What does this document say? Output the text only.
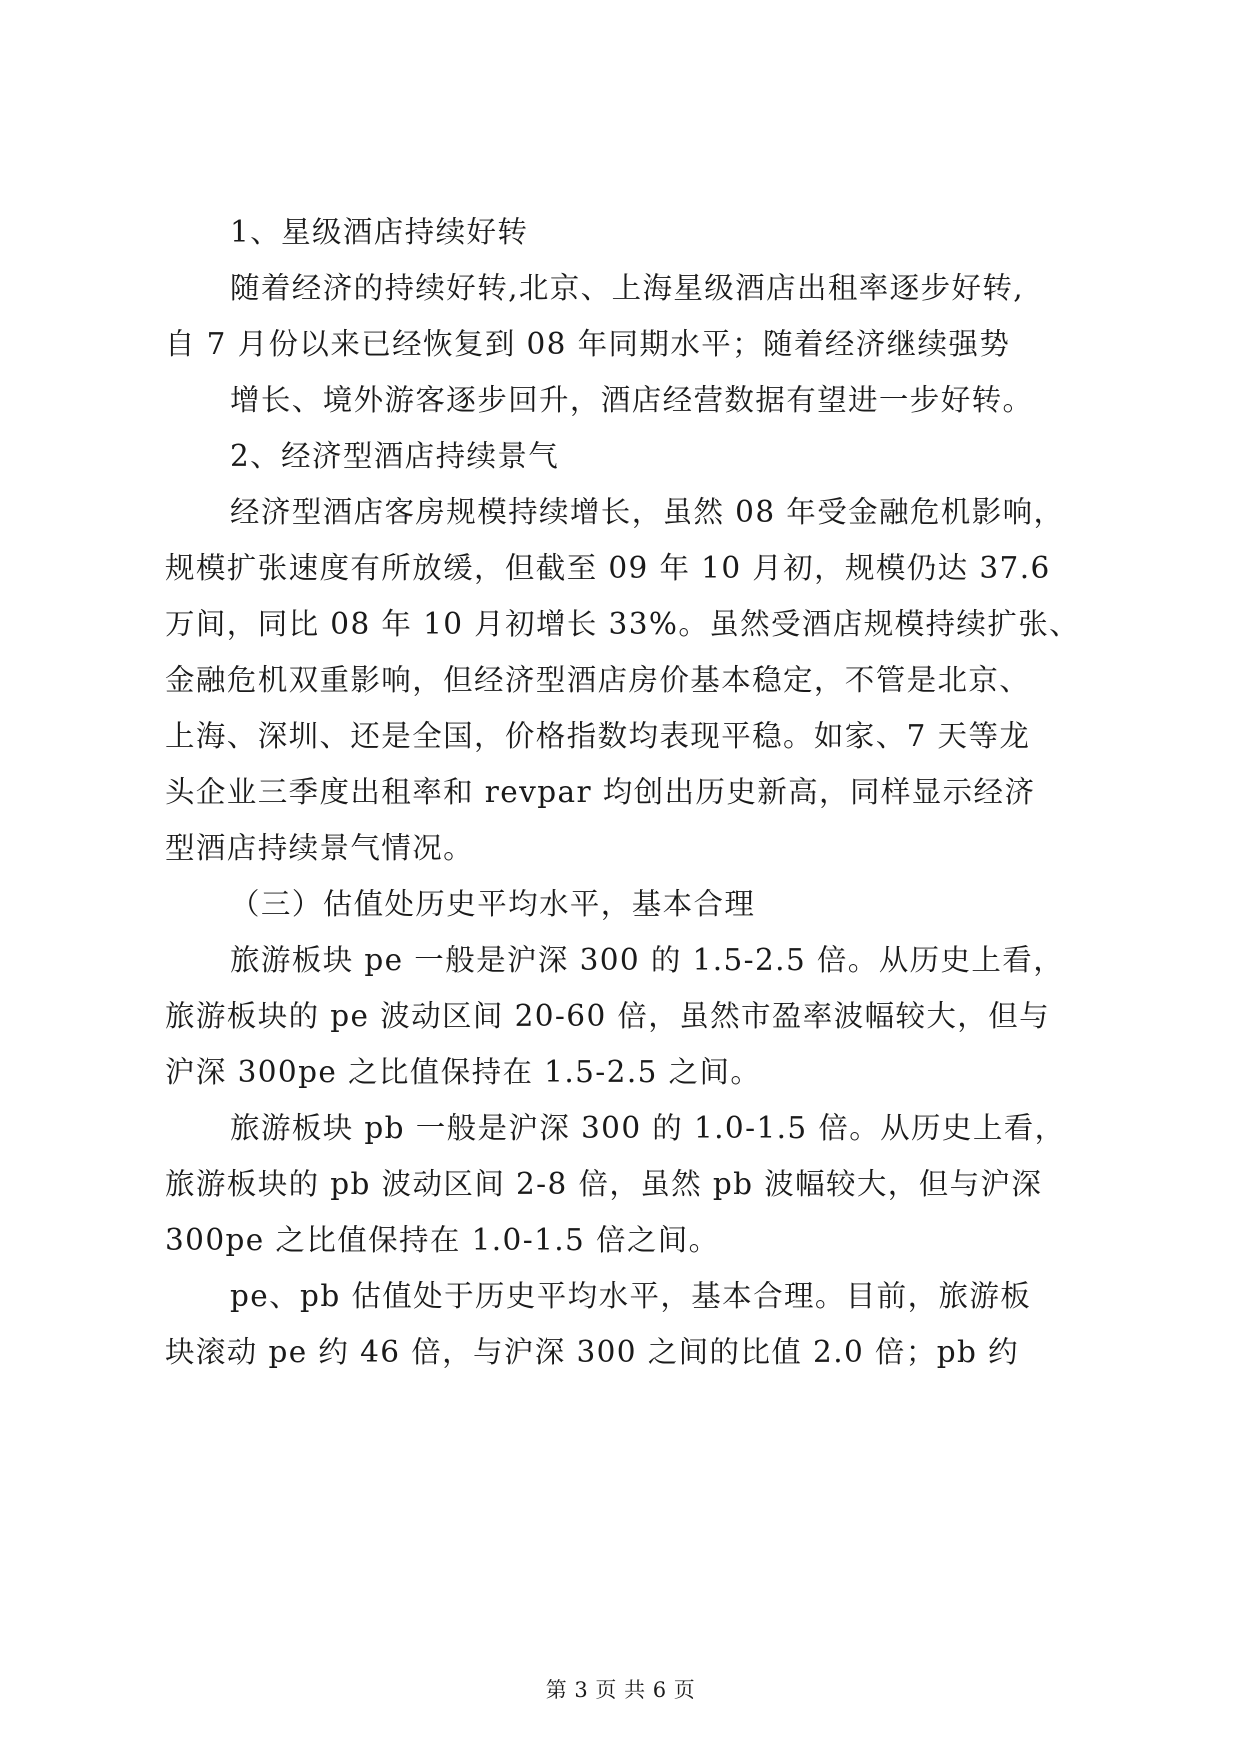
1、星级酒店持续好转
随着经济的持续好转,北京、上海星级酒店出租率逐步好转,
自 7 月份以来已经恢复到 08 年同期水平；随着经济继续强势
增长、境外游客逐步回升，酒店经营数据有望进一步好转。
2、经济型酒店持续景气
经济型酒店客房规模持续增长，虽然 08 年受金融危机影响，
规模扩张速度有所放缓，但截至 09 年 10 月初，规模仍达 37.6
万间，同比 08 年 10 月初增长 33%。虽然受酒店规模持续扩张、
金融危机双重影响，但经济型酒店房价基本稳定，不管是北京、
上海、深圳、还是全国，价格指数均表现平稳。如家、7 天等龙
头企业三季度出租率和 revpar 均创出历史新高，同样显示经济
型酒店持续景气情况。
（三）估值处历史平均水平，基本合理
旅游板块 pe 一般是沪深 300 的 1.5-2.5 倍。从历史上看，
旅游板块的 pe 波动区间 20-60 倍，虽然市盈率波幅较大，但与
沪深 300pe 之比值保持在 1.5-2.5 之间。
旅游板块 pb 一般是沪深 300 的 1.0-1.5 倍。从历史上看，
旅游板块的 pb 波动区间 2-8 倍，虽然 pb 波幅较大，但与沪深
300pe 之比值保持在 1.0-1.5 倍之间。
pe、pb 估值处于历史平均水平，基本合理。目前，旅游板
块滚动 pe 约 46 倍，与沪深 300 之间的比值 2.0 倍；pb 约
第 3 页 共 6 页
